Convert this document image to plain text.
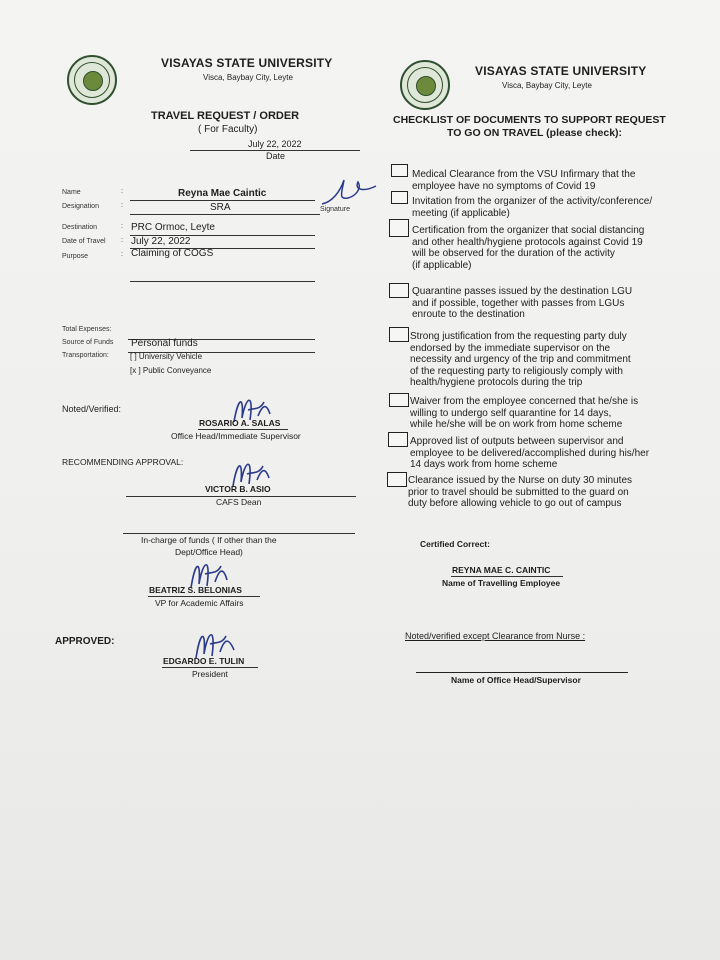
VISAYAS STATE UNIVERSITY
Visca, Baybay City, Leyte	VISAYAS STATE UNIVERSITY
Visca, Baybay City, Leyte
TRAVEL REQUEST / ORDER
( For Faculty)
July 22, 2022
Date
Name	:	Reyna Mae Caintic
Designation	:	SRA	Signature
Destination	: PRC Ormoc, Leyte
Date of Travel : July 22, 2022
Purpose	: Claiming of COGS
Total Expenses:
Source of Funds Personal funds
Transportation:	[ ] University Vehicle
[x ] Public Conveyance
Noted/Verified:
ROSARIO A. SALAS
Office Head/Immediate Supervisor
RECOMMENDING APPROVAL:
VICTOR B. ASIO
CAFS Dean
In-charge of funds ( If other than the
Dept/Office Head)
BEATRIZ S. BELONIAS
VP for Academic Affairs
APPROVED:
EDGARDO E. TULIN
President
CHECKLIST OF DOCUMENTS TO SUPPORT REQUEST
TO GO ON TRAVEL (please check):
Medical Clearance from the VSU Infirmary that the
employee have no symptoms of Covid 19
Invitation from the organizer of the activity/conference/
meeting (if applicable)
Certification from the organizer that social distancing
and other health/hygiene protocols against Covid 19
will be observed for the duration of the activity
(if applicable)
Quarantine passes issued by the destination LGU
and if possible, together with passes from LGUs
enroute to the destination
Strong justification from the requesting party duly
endorsed by the immediate supervisor on the
necessity and urgency of the trip and commitment
of the requesting party to religiously comply with
health/hygiene protocols during the trip
Waiver from the employee concerned that he/she is
willing to undergo self quarantine for 14 days,
while he/she will be on work from home scheme
Approved list of outputs between supervisor and
employee to be delivered/accomplished during his/her
14 days work from home scheme
Clearance issued by the Nurse on duty 30 minutes
prior to travel should be submitted to the guard on
duty before allowing vehicle to go out of campus
Certified Correct:
REYNA MAE C. CAINTIC
Name of Travelling Employee
Noted/verified except Clearance from Nurse :
Name of Office Head/Supervisor
